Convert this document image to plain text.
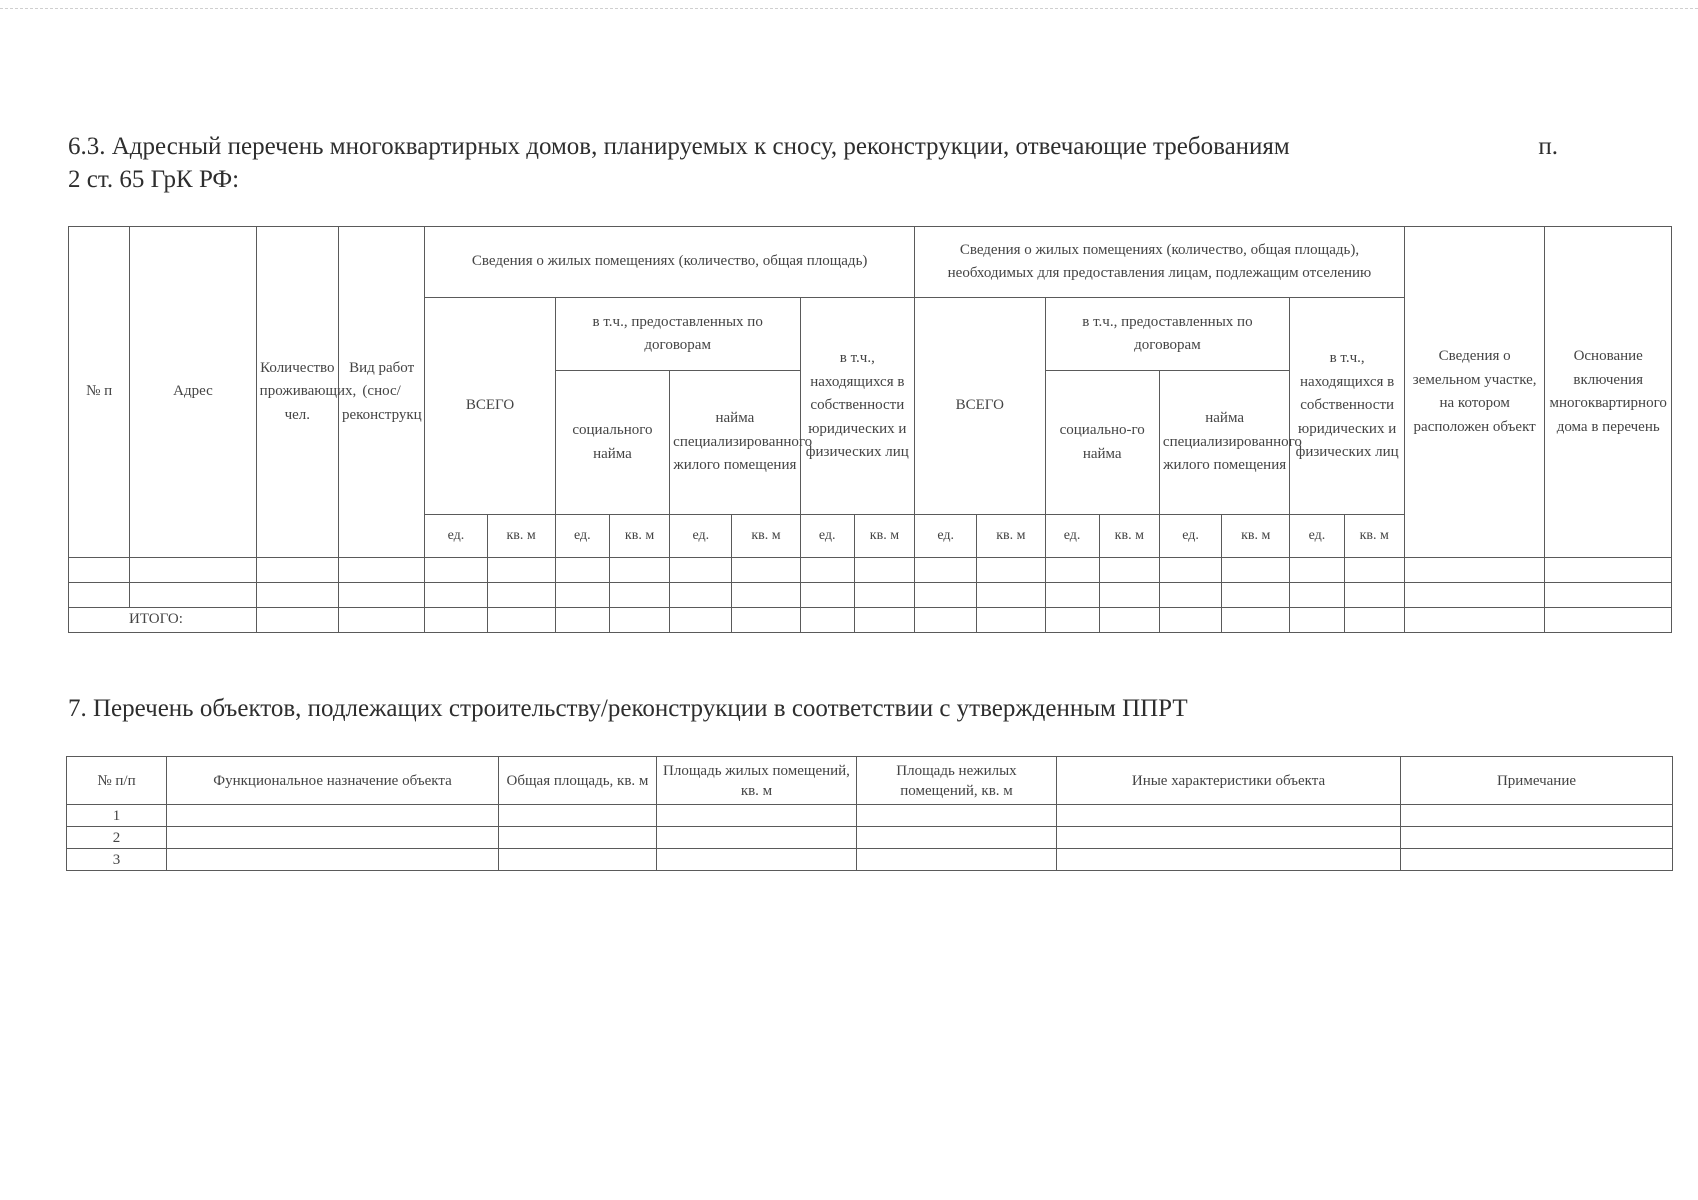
6.3. Адресный перечень многоквартирных домов, планируемых к сносу, реконструкции, отвечающие требованиям	п.
2 ст. 65 ГрК РФ:
№ п	Адрес	Количество проживающих, чел.	Вид работ (снос/ реконструкц	Сведения о жилых помещениях (количество, общая площадь)								Сведения о жилых помещениях (количество, общая площадь), необходимых для предоставления лицам, подлежащим отселению								Сведения о земельном участке, на котором расположен объект	Основание включения многоквартирного дома в перечень
				ВСЕГО		в т.ч., предоставленных по договорам				в т.ч., находящихся в собственности юридических и физических лиц		ВСЕГО		в т.ч., предоставленных по договорам				в т.ч., находящихся в собственности юридических и физических лиц			
						социального найма		найма специализированного жилого помещения						социально-го найма		найма специализированного жилого помещения					
				ед.	кв. м	ед.	кв. м	ед.	кв. м	ед.	кв. м	ед.	кв. м	ед.	кв. м	ед.	кв. м	ед.	кв. м		

ИТОГО:																					
7. Перечень объектов, подлежащих строительству/реконструкции в соответствии с утвержденным ППРТ
№ п/п	Функциональное назначение объекта	Общая площадь, кв. м	Площадь жилых помещений, кв. м	Площадь нежилых помещений, кв. м	Иные характеристики объекта	Примечание
1						
2						
3						
